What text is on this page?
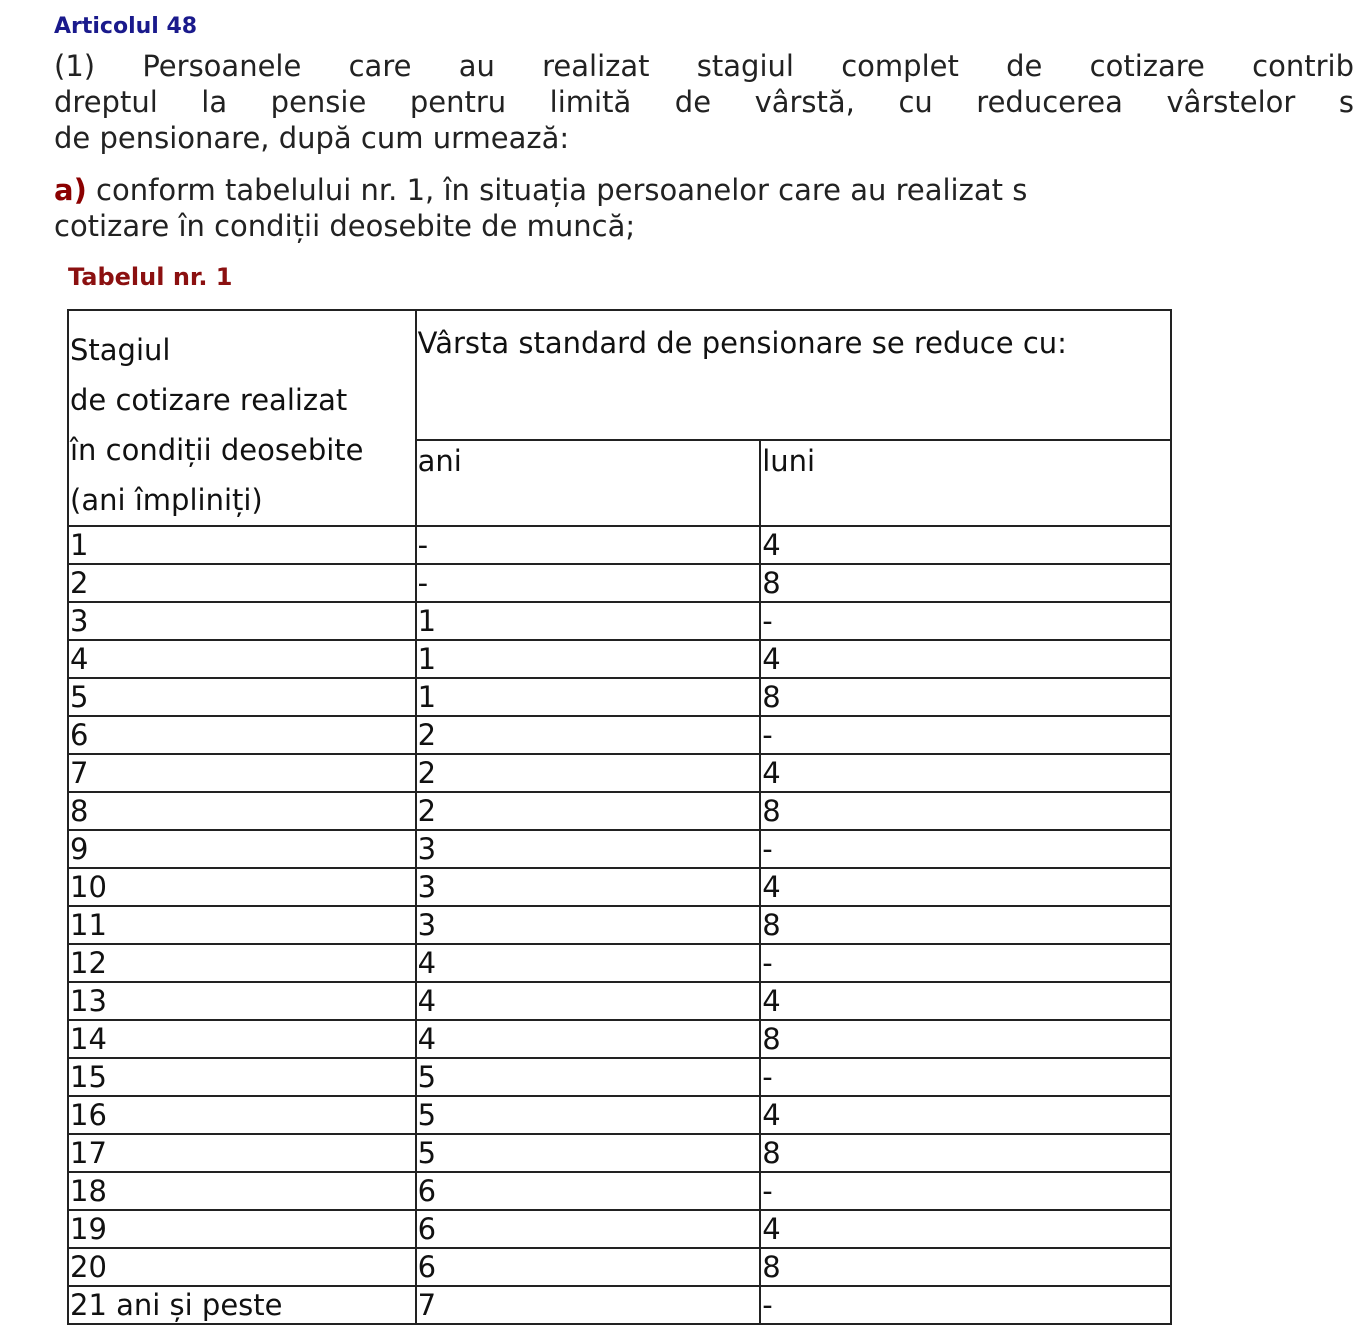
Articolul 48
(1) Persoanele care au realizat stagiul complet de cotizare contrib
dreptul la pensie pentru limită de vârstă, cu reducerea vârstelor s
de pensionare, după cum urmează:
a) conform tabelului nr. 1, în situația persoanelor care au realizat s
cotizare în condiții deosebite de muncă;
Tabelul nr. 1
Stagiul
de cotizare realizat
în condiții deosebite
(ani împliniți)	Vârsta standard de pensionare se reduce cu:	
	ani	luni
1	-	4
2	-	8
3	1	-
4	1	4
5	1	8
6	2	-
7	2	4
8	2	8
9	3	-
10	3	4
11	3	8
12	4	-
13	4	4
14	4	8
15	5	-
16	5	4
17	5	8
18	6	-
19	6	4
20	6	8
21 ani și peste	7	-
